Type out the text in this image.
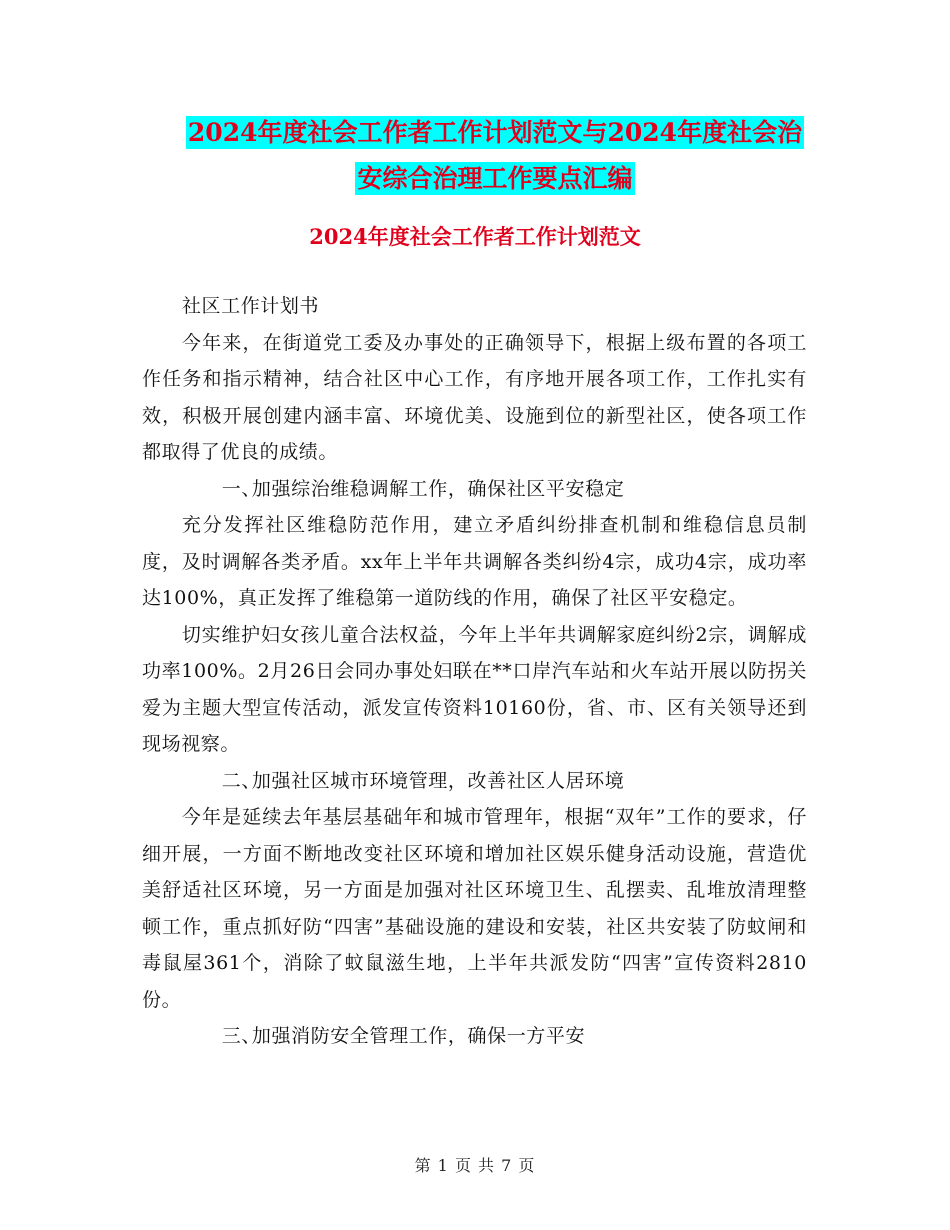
2024年度社会工作者工作计划范文与2024年度社会治
安综合治理工作要点汇编
2024年度社会工作者工作计划范文

社区工作计划书

今年来，在街道党工委及办事处的正确领导下，根据上级布置的各项工作任务和指示精神，结合社区中心工作，有序地开展各项工作，工作扎实有效，积极开展创建内涵丰富、环境优美、设施到位的新型社区，使各项工作都取得了优良的成绩。

一、加强综治维稳调解工作，确保社区平安稳定

充分发挥社区维稳防范作用，建立矛盾纠纷排查机制和维稳信息员制度，及时调解各类矛盾。xx年上半年共调解各类纠纷4宗，成功4宗，成功率达100%，真正发挥了维稳第一道防线的作用，确保了社区平安稳定。

切实维护妇女孩儿童合法权益，今年上半年共调解家庭纠纷2宗，调解成功率100%。2月26日会同办事处妇联在**口岸汽车站和火车站开展以防拐关爱为主题大型宣传活动，派发宣传资料10160份，省、市、区有关领导还到现场视察。

二、加强社区城市环境管理，改善社区人居环境

今年是延续去年基层基础年和城市管理年，根据“双年”工作的要求，仔细开展，一方面不断地改变社区环境和增加社区娱乐健身活动设施，营造优美舒适社区环境，另一方面是加强对社区环境卫生、乱摆卖、乱堆放清理整顿工作，重点抓好防“四害”基础设施的建设和安装，社区共安装了防蚊闸和毒鼠屋361个，消除了蚊鼠滋生地，上半年共派发防“四害”宣传资料2810份。

三、加强消防安全管理工作，确保一方平安

第 1 页 共 7 页
